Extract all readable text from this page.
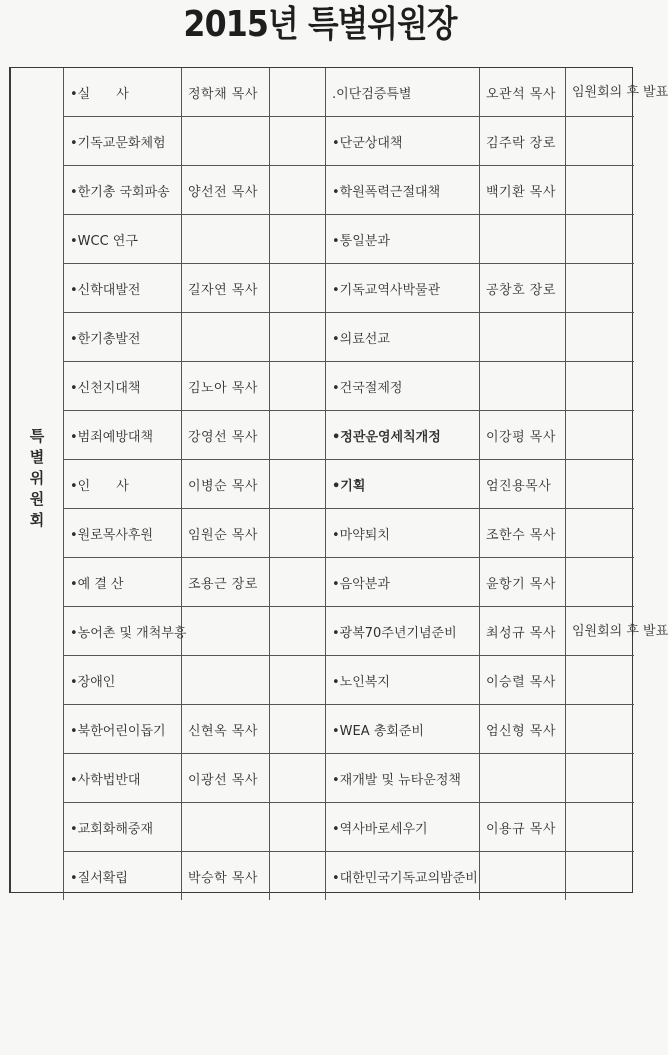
2015년 특별위원장
특별위원회
•실　　사	정학채 목사		.이단검증특별	오관석 목사	임원회의 후 발표
•기독교문화체험			•단군상대책	김주락 장로	
•한기총 국회파송	양선전 목사		•학원폭력근절대책	백기환 목사	
•WCC 연구			•통일분과		
•신학대발전	길자연 목사		•기독교역사박물관	공창호 장로	
•한기총발전			•의료선교		
•신천지대책	김노아 목사		•건국절제정		
•범죄예방대책	강영선 목사		•정관운영세칙개정	이강평 목사	
•인　　사	이병순 목사		•기획	엄진용목사	
•원로목사후원	임원순 목사		•마약퇴치	조한수 목사	
•예 결 산	조용근 장로		•음악분과	윤항기 목사	
•농어촌 및 개척부흥			•광복70주년기념준비	최성규 목사	임원회의 후 발표
•장애인			•노인복지	이승렬 목사	
•북한어린이돕기	신현옥 목사		•WEA 총회준비	엄신형 목사	
•사학법반대	이광선 목사		•재개발 및 뉴타운정책		
•교회화해중재			•역사바로세우기	이용규 목사	
•질서확립	박승학 목사		•대한민국기독교의밤준비		
